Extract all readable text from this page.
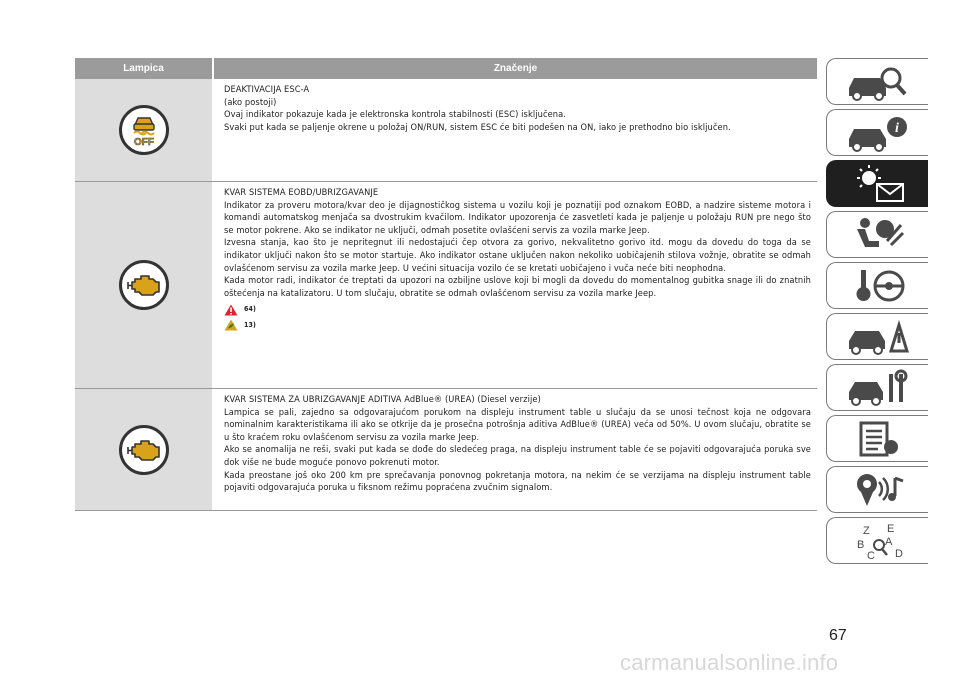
Lampica	Značenje
OFF

DEAKTIVACIJA ESC-A

(ako postoji)

Ovaj indikator pokazuje kada je elektronska kontrola stabilnosti (ESC) isključena.

Svaki put kada se paljenje okrene u položaj ON/RUN, sistem ESC će biti podešen na ON, iako je prethodno bio isključen.

KVAR SISTEMA EOBD/UBRIZGAVANJE

Indikator za proveru motora/kvar deo je dijagnostičkog sistema u vozilu koji je poznatiji pod oznakom EOBD, a nadzire sisteme motora i komandi automatskog menjača sa dvostrukim kvačilom. Indikator upozorenja će zasvetleti kada je paljenje u položaju RUN pre nego što se motor pokrene. Ako se indikator ne uključi, odmah posetite ovlašćeni servis za vozila marke Jeep.

Izvesna stanja, kao što je nepritegnut ili nedostajući čep otvora za gorivo, nekvalitetno gorivo itd. mogu da dovedu do toga da se indikator uključi nakon što se motor startuje. Ako indikator ostane uključen nakon nekoliko uobičajenih stilova vožnje, obratite se odmah ovlašćenom servisu za vozila marke Jeep. U većini situacija vozilo će se kretati uobičajeno i vuča neće biti neophodna.

Kada motor radi, indikator će treptati da upozori na ozbiljne uslove koji bi mogli da dovedu do momentalnog gubitka snage ili do znatnih oštećenja na katalizatoru. U tom slučaju, obratite se odmah ovlašćenom servisu za vozila marke Jeep.

64)
13)

KVAR SISTEMA ZA UBRIZGAVANJE ADITIVA AdBlue® (UREA) (Diesel verzije)

Lampica se pali, zajedno sa odgovarajućom porukom na displeju instrument table u slučaju da se unosi tečnost koja ne odgovara nominalnim karakteristikama ili ako se otkrije da je prosečna potrošnja aditiva AdBlue® (UREA) veća od 50%. U ovom slučaju, obratite se u što kraćem roku ovlašćenom servisu za vozila marke Jeep.

Ako se anomalija ne reši, svaki put kada se dođe do sledećeg praga, na displeju instrument table će se pojaviti odgovarajuća poruka sve dok više ne bude moguće ponovo pokrenuti motor.

Kada preostane još oko 200 km pre sprečavanja ponovnog pokretanja motora, na nekim će se verzijama na displeju instrument table pojaviti odgovarajuća poruka u fiksnom režimu popraćena zvučnim signalom.

i
Z E
B A
C D
67
carmanualsonline.info
